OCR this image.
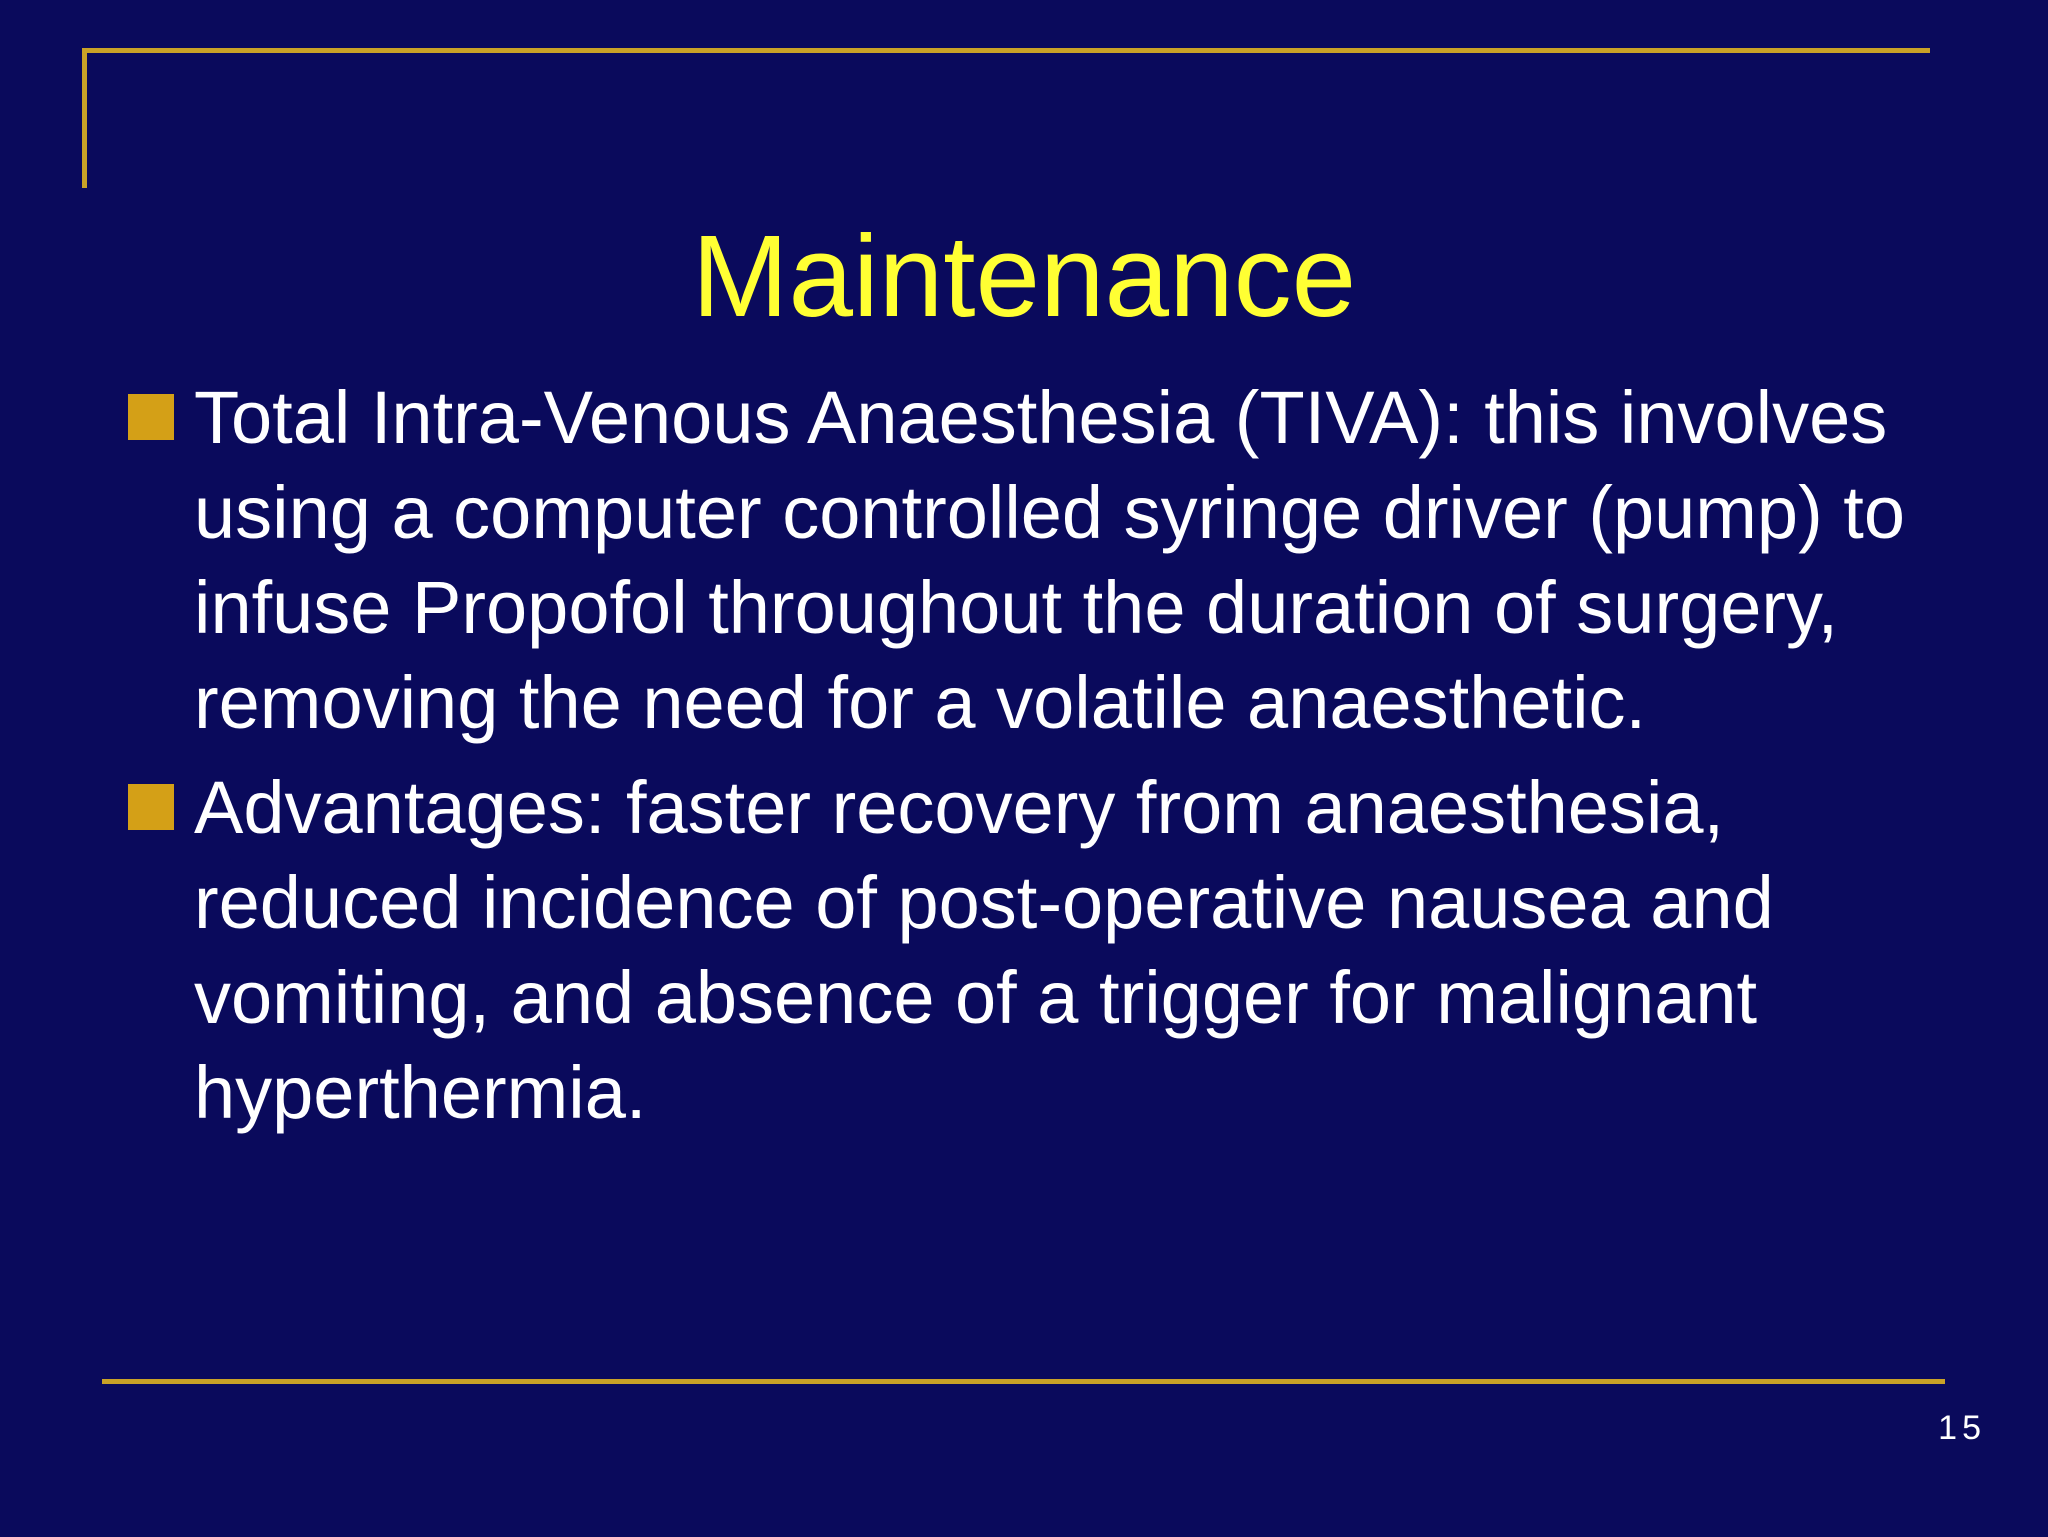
Maintenance
Total Intra-Venous Anaesthesia (TIVA): this involves using a computer controlled syringe driver (pump) to infuse Propofol throughout the duration of surgery, removing the need for a volatile anaesthetic.
Advantages: faster recovery from anaesthesia, reduced incidence of post-operative nausea and vomiting, and absence of a trigger for malignant hyperthermia.
15
